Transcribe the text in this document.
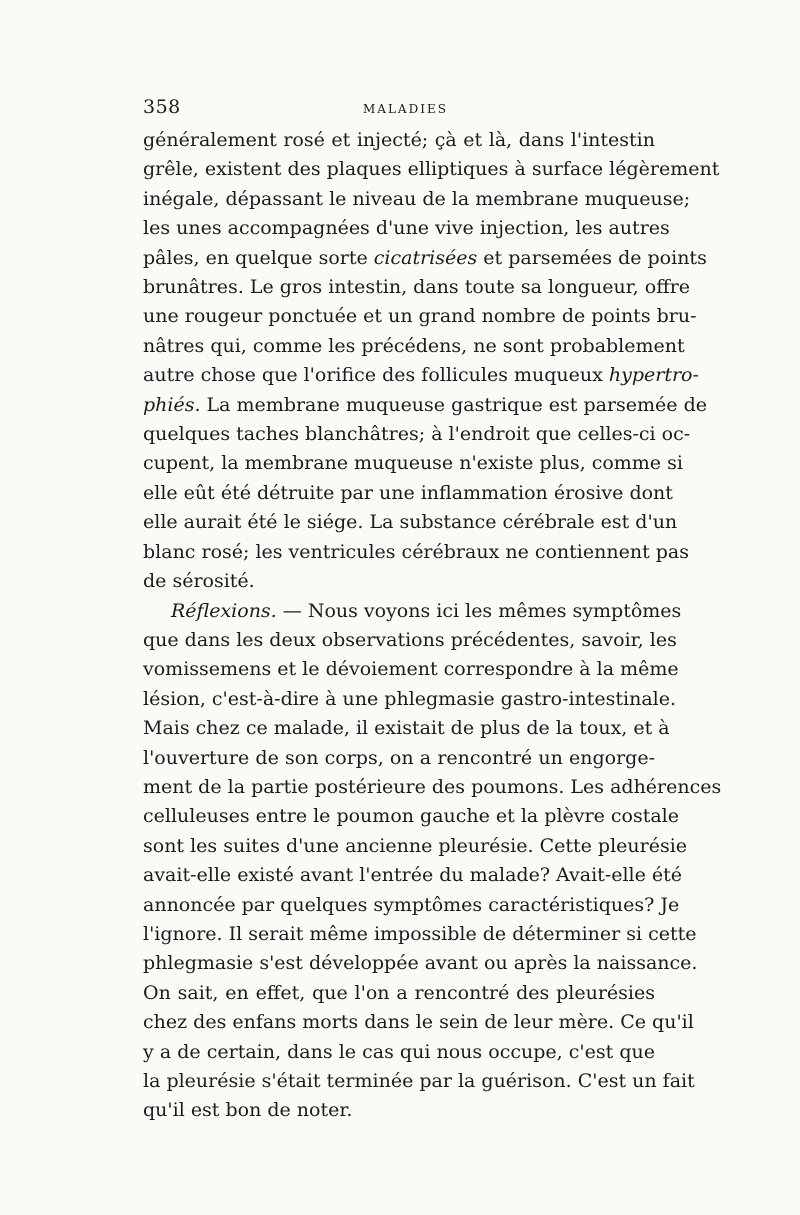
358	MALADIES
généralement rosé et injecté; çà et là, dans l'intestin
grêle, existent des plaques elliptiques à surface légèrement
inégale, dépassant le niveau de la membrane muqueuse;
les unes accompagnées d'une vive injection, les autres
pâles, en quelque sorte cicatrisées et parsemées de points
brunâtres. Le gros intestin, dans toute sa longueur, offre
une rougeur ponctuée et un grand nombre de points bru-
nâtres qui, comme les précédens, ne sont probablement
autre chose que l'orifice des follicules muqueux hypertro-
phiés. La membrane muqueuse gastrique est parsemée de
quelques taches blanchâtres; à l'endroit que celles-ci oc-
cupent, la membrane muqueuse n'existe plus, comme si
elle eût été détruite par une inflammation érosive dont
elle aurait été le siége. La substance cérébrale est d'un
blanc rosé; les ventricules cérébraux ne contiennent pas
de sérosité.
Réflexions. — Nous voyons ici les mêmes symptômes
que dans les deux observations précédentes, savoir, les
vomissemens et le dévoiement correspondre à la même
lésion, c'est-à-dire à une phlegmasie gastro-intestinale.
Mais chez ce malade, il existait de plus de la toux, et à
l'ouverture de son corps, on a rencontré un engorge-
ment de la partie postérieure des poumons. Les adhérences
celluleuses entre le poumon gauche et la plèvre costale
sont les suites d'une ancienne pleurésie. Cette pleurésie
avait-elle existé avant l'entrée du malade? Avait-elle été
annoncée par quelques symptômes caractéristiques? Je
l'ignore. Il serait même impossible de déterminer si cette
phlegmasie s'est développée avant ou après la naissance.
On sait, en effet, que l'on a rencontré des pleurésies
chez des enfans morts dans le sein de leur mère. Ce qu'il
y a de certain, dans le cas qui nous occupe, c'est que
la pleurésie s'était terminée par la guérison. C'est un fait
qu'il est bon de noter.
